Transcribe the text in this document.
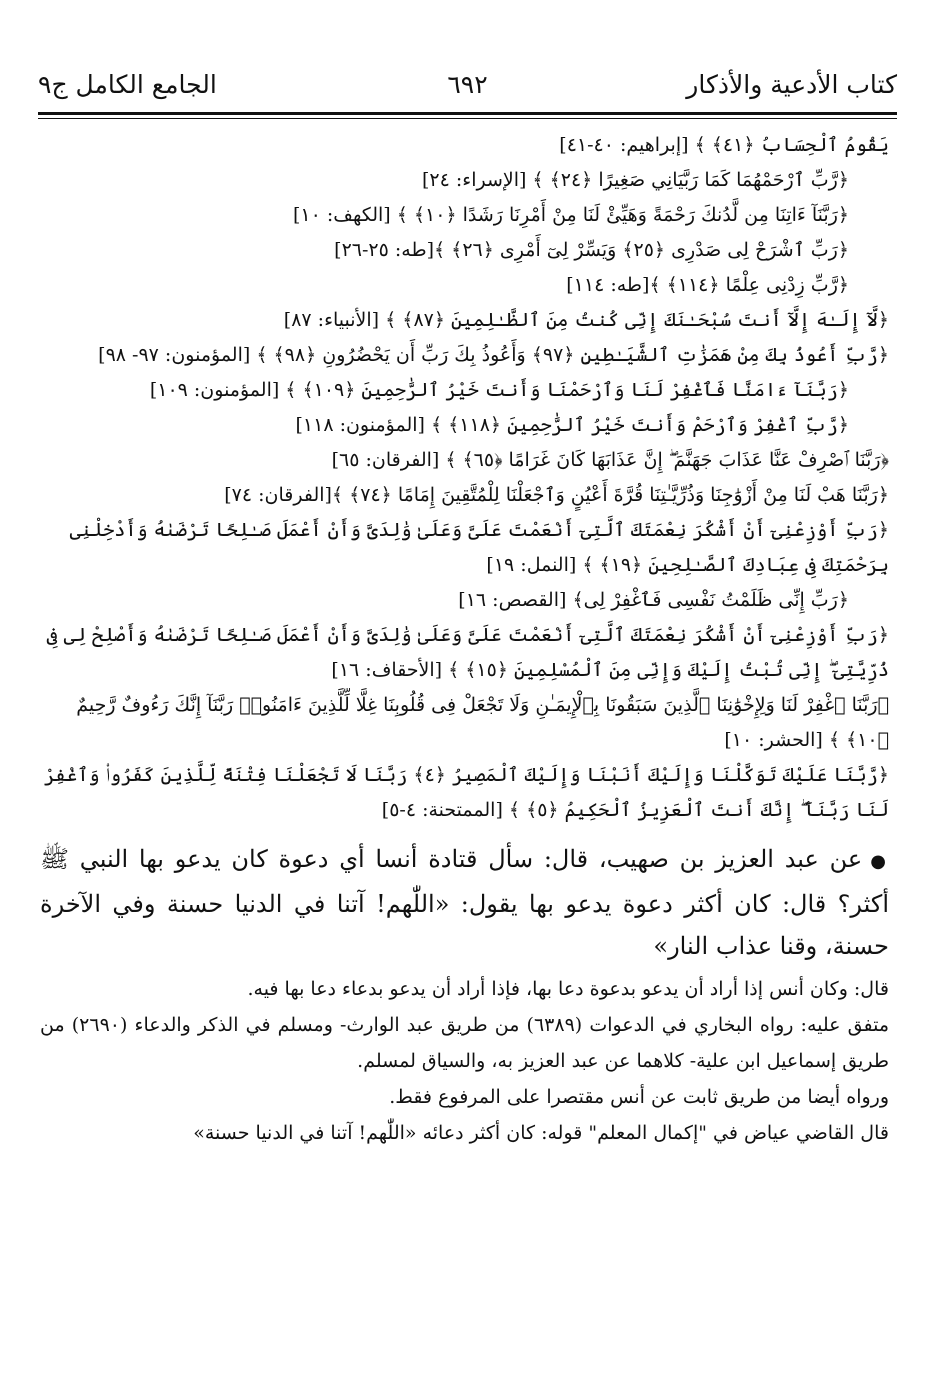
كتاب الأدعية والأذكار
٦٩٢
الجامع الكامل ج٩
يَقُومُ ٱلْحِسَابُ ﴿٤١﴾ ﴾ [إبراهيم: ٤٠-٤١]
﴿رَّبِّ ٱرْحَمْهُمَا كَمَا رَبَّيَانِي صَغِيرًا ﴿٢٤﴾ ﴾ [الإسراء: ٢٤]
﴿رَبَّنَآ ءَاتِنَا مِن لَّدُنكَ رَحْمَةً وَهَيِّئْ لَنَا مِنْ أَمْرِنَا رَشَدًا ﴿١٠﴾ ﴾ [الكهف: ١٠]
﴿رَبِّ ٱشْرَحْ لِى صَدْرِى ﴿٢٥﴾ وَيَسِّرْ لِىٓ أَمْرِى ﴿٢٦﴾ ﴾[طه: ٢٥-٢٦]
﴿رَّبِّ زِدْنِى عِلْمًا ﴿١١٤﴾ ﴾[طه: ١١٤]
﴿لَّآ إِلَـٰهَ إِلَّآ أَنتَ سُبْحَـٰنَكَ إِنِّى كُنتُ مِنَ ٱلظَّـٰلِمِينَ ﴿٨٧﴾ ﴾ [الأنبياء: ٨٧]
﴿رَّبِّ أَعُوذُ بِكَ مِنْ هَمَزَٰتِ ٱلشَّيَـٰطِينِ ﴿٩٧﴾ وَأَعُوذُ بِكَ رَبِّ أَن يَحْضُرُونِ ﴿٩٨﴾ ﴾ [المؤمنون: ٩٧- ٩٨]
﴿رَبَّنَآ ءَامَنَّا فَٱغْفِرْ لَنَا وَٱرْحَمْنَا وَأَنتَ خَيْرُ ٱلرَّٰحِمِينَ ﴿١٠٩﴾ ﴾ [المؤمنون: ١٠٩]
﴿رَّبِّ ٱغْفِرْ وَٱرْحَمْ وَأَنتَ خَيْرُ ٱلرَّٰحِمِينَ ﴿١١٨﴾ ﴾ [المؤمنون: ١١٨]
﴿رَبَّنَا ٱصْرِفْ عَنَّا عَذَابَ جَهَنَّمَ ۖ إِنَّ عَذَابَهَا كَانَ غَرَامًا ﴿٦٥﴾ ﴾ [الفرقان: ٦٥]
﴿رَبَّنَا هَبْ لَنَا مِنْ أَزْوَٰجِنَا وَذُرِّيَّـٰتِنَا قُرَّةَ أَعْيُنٍ وَٱجْعَلْنَا لِلْمُتَّقِينَ إِمَامًا ﴿٧٤﴾ ﴾[الفرقان: ٧٤]
﴿رَبِّ أَوْزِعْنِىٓ أَنْ أَشْكُرَ نِعْمَتَكَ ٱلَّتِىٓ أَنْعَمْتَ عَلَىَّ وَعَلَىٰ وَٰلِدَىَّ وَأَنْ أَعْمَلَ صَـٰلِحًا تَرْضَىٰهُ وَأَدْخِلْنِى بِرَحْمَتِكَ فِى عِبَادِكَ ٱلصَّـٰلِحِينَ ﴿١٩﴾ ﴾ [النمل: ١٩]
﴿رَبِّ إِنِّى ظَلَمْتُ نَفْسِى فَٱغْفِرْ لِى﴾ [القصص: ١٦]
﴿رَبِّ أَوْزِعْنِىٓ أَنْ أَشْكُرَ نِعْمَتَكَ ٱلَّتِىٓ أَنْعَمْتَ عَلَىَّ وَعَلَىٰ وَٰلِدَىَّ وَأَنْ أَعْمَلَ صَـٰلِحًا تَرْضَىٰهُ وَأَصْلِحْ لِى فِى ذُرِّيَّتِىٓ ۖ إِنِّى تُبْتُ إِلَيْكَ وَإِنِّى مِنَ ٱلْمُسْلِمِينَ ﴿١٥﴾ ﴾ [الأحقاف: ١٦]
﴿رَبَّنَا ٱغْفِرْ لَنَا وَلِإِخْوَٰنِنَا ٱلَّذِينَ سَبَقُونَا بِٱلْإِيمَـٰنِ وَلَا تَجْعَلْ فِى قُلُوبِنَا غِلًّا لِّلَّذِينَ ءَامَنُوا۟ رَبَّنَآ إِنَّكَ رَءُوفٌ رَّحِيمٌ ﴿١٠﴾ ﴾ [الحشر: ١٠]
﴿رَّبَّنَا عَلَيْكَ تَوَكَّلْنَا وَإِلَيْكَ أَنَبْنَا وَإِلَيْكَ ٱلْمَصِيرُ ﴿٤﴾ رَبَّنَا لَا تَجْعَلْنَا فِتْنَةً لِّلَّذِينَ كَفَرُوا۟ وَٱغْفِرْ لَنَا رَبَّنَآ ۖ إِنَّكَ أَنتَ ٱلْعَزِيزُ ٱلْحَكِيمُ ﴿٥﴾ ﴾ [الممتحنة: ٤-٥]
●عن عبد العزيز بن صهيب، قال: سأل قتادة أنسا أي دعوة كان يدعو بها النبي ﷺ أكثر؟ قال: كان أكثر دعوة يدعو بها يقول: «اللّٰهم! آتنا في الدنيا حسنة وفي الآخرة حسنة، وقنا عذاب النار»
قال: وكان أنس إذا أراد أن يدعو بدعوة دعا بها، فإذا أراد أن يدعو بدعاء دعا بها فيه.
متفق عليه: رواه البخاري في الدعوات (٦٣٨٩) من طريق عبد الوارث- ومسلم في الذكر والدعاء (٢٦٩٠) من طريق إسماعيل ابن علية- كلاهما عن عبد العزيز به، والسياق لمسلم.
ورواه أيضا من طريق ثابت عن أنس مقتصرا على المرفوع فقط.
قال القاضي عياض في "إكمال المعلم" قوله: كان أكثر دعائه «اللّٰهم! آتنا في الدنيا حسنة»
